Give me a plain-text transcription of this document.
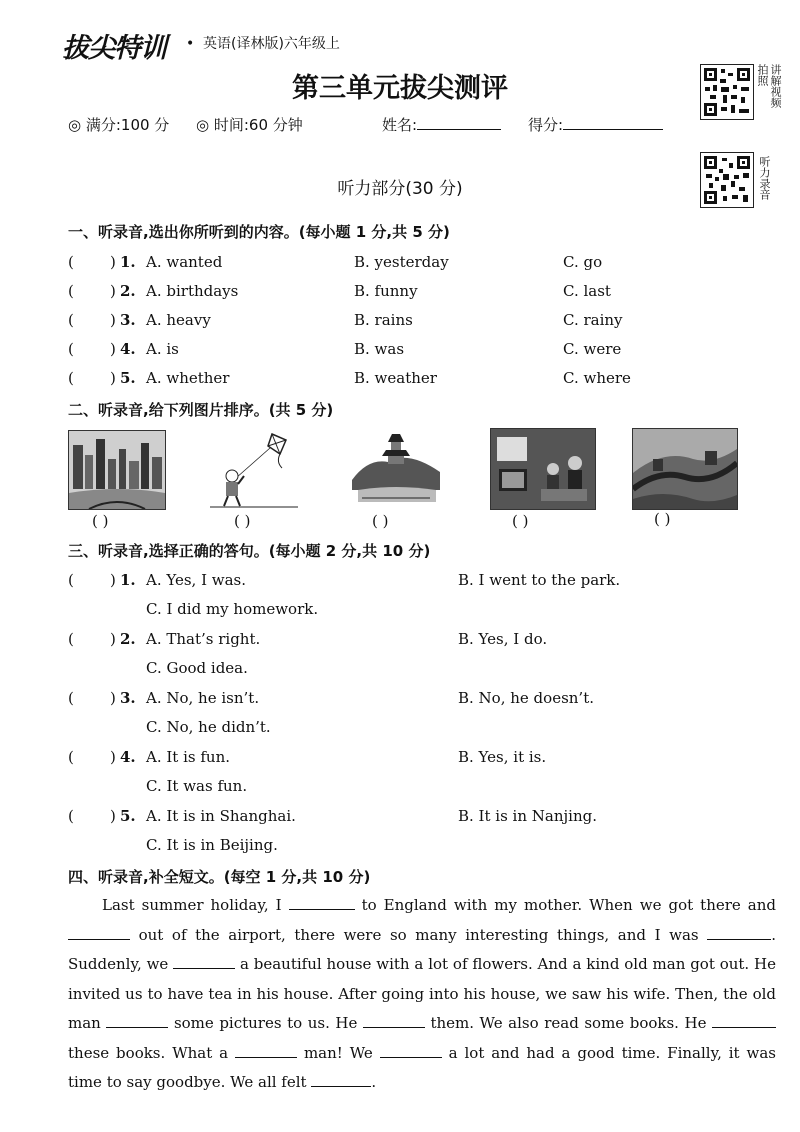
拔尖特训 • 英语(译林版)六年级上
第三单元拔尖测评
◎ 满分:100 分 ◎ 时间:60 分钟	姓名:	得分:
拍照 讲解视频
听力录音
听力部分(30 分)
一、听录音,选出你所听到的内容。(每小题 1 分,共 5 分)
( ) 1. A. wanted	B. yesterday	C. go
( ) 2. A. birthdays	B. funny	C. last
( ) 3. A. heavy	B. rains	C. rainy
( ) 4. A. is	B. was	C. were
( ) 5. A. whether	B. weather	C. where
二、听录音,给下列图片排序。(共 5 分)
( )	( )	( )	( )	( )
三、听录音,选择正确的答句。(每小题 2 分,共 10 分)
( ) 1. A. Yes, I was.	B. I went to the park.
C. I did my homework.
( ) 2. A. That’s right.	B. Yes, I do.
C. Good idea.
( ) 3. A. No, he isn’t.	B. No, he doesn’t.
C. No, he didn’t.
( ) 4. A. It is fun.	B. Yes, it is.
C. It was fun.
( ) 5. A. It is in Shanghai.	B. It is in Nanjing.
C. It is in Beijing.
四、听录音,补全短文。(每空 1 分,共 10 分)
Last summer holiday, I	to England with my mother. When we got there and  out of the airport, there were so many interesting things, and I was	. Suddenly, we	a beautiful house with a lot of flowers. And a kind old man got out. He invited us to have tea in his house. After going into his house, we saw his wife. Then, the old man	some pictures to us. He	them. We also read some books. He  these books. What a	man! We	a lot and had a good time. Finally, it was time to say goodbye. We all felt	.
